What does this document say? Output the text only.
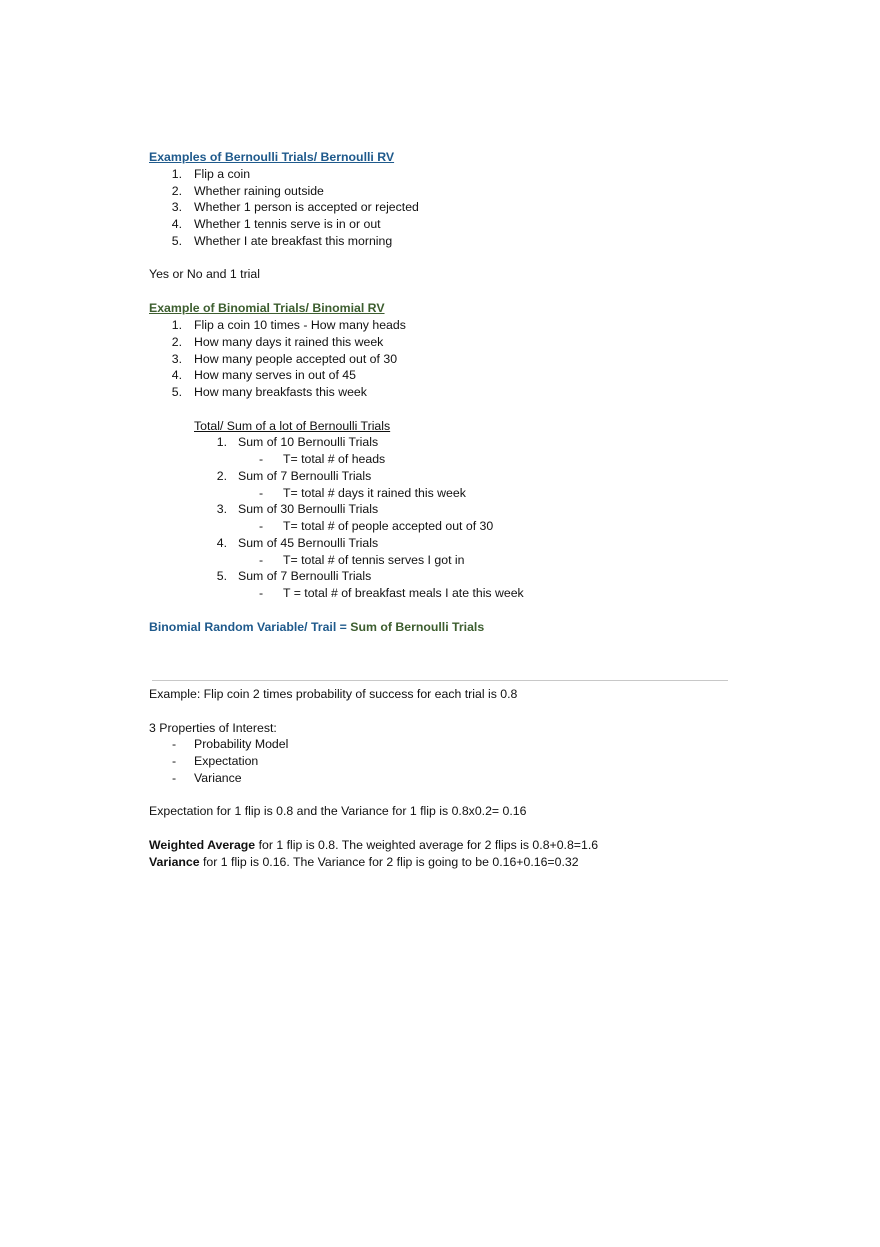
Examples of Bernoulli Trials/ Bernoulli RV
1. Flip a coin
2. Whether raining outside
3. Whether 1 person is accepted or rejected
4. Whether 1 tennis serve is in or out
5. Whether I ate breakfast this morning
Yes or No and 1 trial
Example of Binomial Trials/ Binomial RV
1. Flip a coin 10 times - How many heads
2. How many days it rained this week
3. How many people accepted out of 30
4. How many serves in out of 45
5. How many breakfasts this week
Total/ Sum of a lot of Bernoulli Trials
1. Sum of 10 Bernoulli Trials
- T= total # of heads
2. Sum of 7 Bernoulli Trials
- T= total # days it rained this week
3. Sum of 30 Bernoulli Trials
- T= total # of people accepted out of 30
4. Sum of 45 Bernoulli Trials
- T= total # of tennis serves I got in
5. Sum of 7 Bernoulli Trials
- T = total # of breakfast meals I ate this week
Binomial Random Variable/ Trail = Sum of Bernoulli Trials
Example: Flip coin 2 times probability of success for each trial is 0.8
3 Properties of Interest:
- Probability Model
- Expectation
- Variance
Expectation for 1 flip is 0.8 and the Variance for 1 flip is 0.8x0.2= 0.16
Weighted Average for 1 flip is 0.8. The weighted average for 2 flips is 0.8+0.8=1.6
Variance for 1 flip is 0.16. The Variance for 2 flip is going to be 0.16+0.16=0.32
